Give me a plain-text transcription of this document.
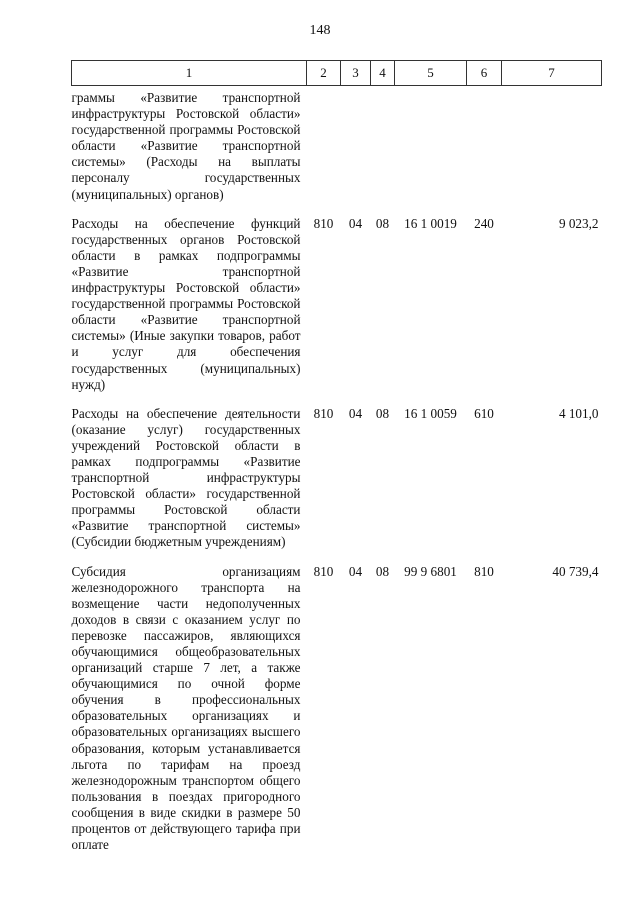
148
1	2	3	4	5	6	7
граммы «Развитие транспортной инфраструктуры Ростовской области» государственной программы Ростовской области «Развитие транспортной системы» (Расходы на выплаты персоналу государственных (муниципальных) органов)						
Расходы на обеспечение функций государственных органов Ростовской области в рамках подпрограммы «Развитие транспортной инфраструктуры Ростовской области» государственной программы Ростовской области «Развитие транспортной системы» (Иные закупки товаров, работ и услуг для обеспечения государственных (муниципальных) нужд)	810	04	08	16 1 0019	240	9 023,2
Расходы на обеспечение деятельности (оказание услуг) государственных учреждений Ростовской области в рамках подпрограммы «Развитие транспортной инфраструктуры Ростовской области» государственной программы Ростовской области «Развитие транспортной системы» (Субсидии бюджетным учреждениям)	810	04	08	16 1 0059	610	4 101,0
Субсидия организациям железнодорожного транспорта на возмещение части недополученных доходов в связи с оказанием услуг по перевозке пассажиров, являющихся обучающимися общеобразовательных организаций старше 7 лет, а также обучающимися по очной форме обучения в профессиональных образовательных организациях и образовательных организациях высшего образования, которым устанавливается льгота по тарифам на проезд железнодорожным транспортом общего пользования в поездах пригородного сообщения в виде скидки в размере 50 процентов от действующего тарифа при оплате	810	04	08	99 9 6801	810	40 739,4
